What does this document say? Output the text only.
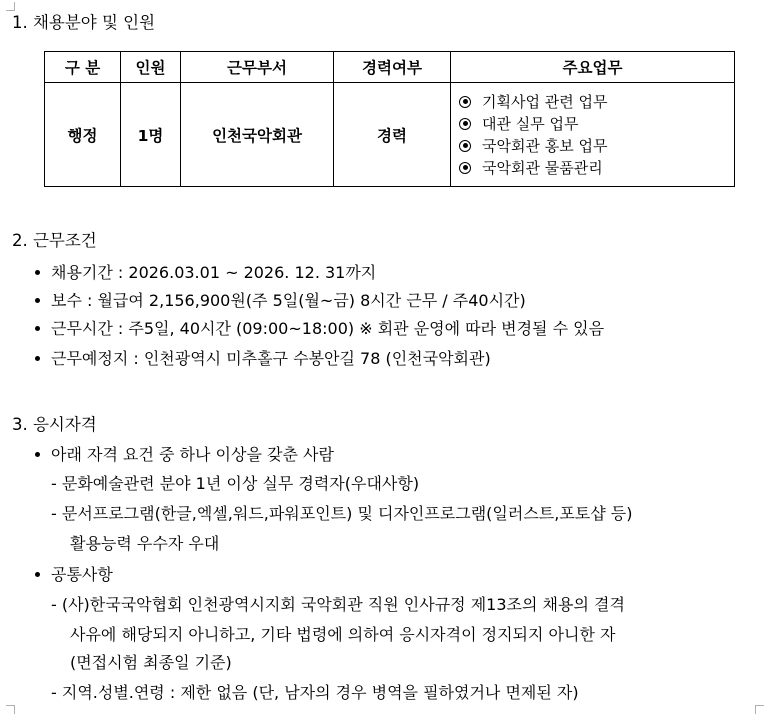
1. 채용분야 및 인원
구 분	인원	근무부서	경력여부	주요업무
행정	1명	인천국악회관	경력	기획사업 관련 업무
대관 실무 업무
국악회관 홍보 업무
국악회관 물품관리
2. 근무조건
채용기간 : 2026.03.01 ~ 2026. 12. 31까지
보수 : 월급여 2,156,900원(주 5일(월~금) 8시간 근무 / 주40시간)
근무시간 : 주5일, 40시간 (09:00~18:00) ※ 회관 운영에 따라 변경될 수 있음
근무예정지 : 인천광역시 미추홀구 수봉안길 78 (인천국악회관)
3. 응시자격
아래 자격 요건 중 하나 이상을 갖춘 사람
- 문화예술관련 분야 1년 이상 실무 경력자(우대사항)
- 문서프로그램(한글,엑셀,워드,파워포인트) 및 디자인프로그램(일러스트,포토샵 등)
활용능력 우수자 우대
공통사항
- (사)한국국악협회 인천광역시지회 국악회관 직원 인사규정 제13조의 채용의 결격
사유에 해당되지 아니하고, 기타 법령에 의하여 응시자격이 정지되지 아니한 자
(면접시험 최종일 기준)
- 지역.성별.연령 : 제한 없음 (단, 남자의 경우 병역을 필하였거나 면제된 자)
